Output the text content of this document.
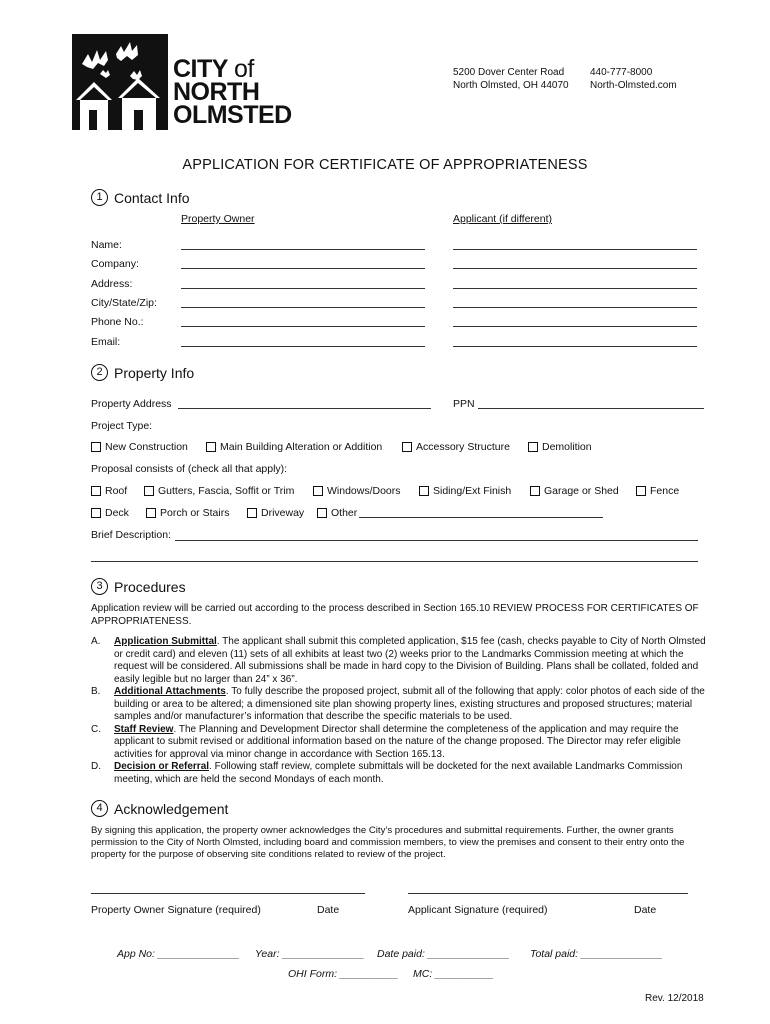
CITY of
NORTH
OLMSTED
5200 Dover Center Road
North Olmsted, OH 44070
440-777-8000
North-Olmsted.com
APPLICATION FOR CERTIFICATE OF APPROPRIATENESS
1 Contact Info
Property Owner	Applicant (if different)
Name:
Company:
Address:
City/State/Zip:
Phone No.:
Email:
2 Property Info
Property Address	PPN
Project Type:
New Construction	Main Building Alteration or Addition	Accessory Structure	Demolition
Proposal consists of (check all that apply):
Roof	Gutters, Fascia, Soffit or Trim	Windows/Doors	Siding/Ext Finish	Garage or Shed	Fence
Deck	Porch or Stairs	Driveway	Other
Brief Description:
3 Procedures
Application review will be carried out according to the process described in Section 165.10 REVIEW PROCESS FOR CERTIFICATES OF APPROPRIATENESS.
A.	Application Submittal. The applicant shall submit this completed application, $15 fee (cash, checks payable to City of North Olmsted or credit card) and eleven (11) sets of all exhibits at least two (2) weeks prior to the Landmarks Commission meeting at which the request will be considered. All submissions shall be made in hard copy to the Division of Building. Plans shall be collated, folded and easily legible but no larger than 24” x 36”.
B.	Additional Attachments. To fully describe the proposed project, submit all of the following that apply: color photos of each side of the building or area to be altered; a dimensioned site plan showing property lines, existing structures and proposed structures; material samples and/or manufacturer’s information that describe the specific materials to be used.
C.	Staff Review. The Planning and Development Director shall determine the completeness of the application and may require the applicant to submit revised or additional information based on the nature of the change proposed. The Director may refer eligible activities for approval via minor change in accordance with Section 165.13.
D.	Decision or Referral. Following staff review, complete submittals will be docketed for the next available Landmarks Commission meeting, which are held the second Mondays of each month.
4 Acknowledgement
By signing this application, the property owner acknowledges the City’s procedures and submittal requirements. Further, the owner grants permission to the City of North Olmsted, including board and commission members, to view the premises and consent to their entry onto the property for the purpose of observing site conditions related to review of the project.
Property Owner Signature (required)	Date	Applicant Signature (required)	Date
App No: ______________ Year: ______________ Date paid: ______________ Total paid: ______________
OHI Form: __________ MC: __________
Rev. 12/2018
